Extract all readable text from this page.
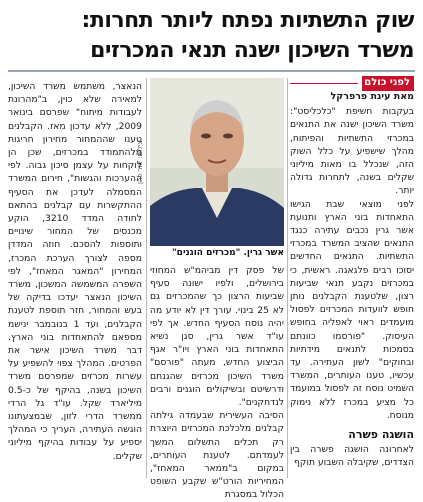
שוק התשתיות נפתח ליותר תחרות:
משרד השיכון ישנה תנאי המכרזים
לפני כולם

מאת עינת פרפרקל

בעקבות חשיפת "כלכליסט": משרד השיכון ישנה את התנאים במכרזי התשתיות והפיתוח, מהלך שישפיע על כלל השוק הזה, שנכלל בו מאות מיליוני שקלים בשנה, לתחרות גדולה יותר.

לפני מוצאי שבת הגישו התאחדות בוני הארץ ותנועת אשר גרין נכבים עתירה כנגד התנאים שהציב המשרד במכרזי התשתיות. התנאים החדשים יסוכו רבים פלגאגה. ראשית, כי במכרזים נקבע תנאי שביעות רצון, שלטענת הקבלנים נותן חופש לוועדות המכרזים לפסול מועמדים ראוי לאפליה בחופש העיסוק. "פורסמו כוונתם בסמכות לתנאים מידתיות ובחוקים" לשון העתירה. עד עכשיו, טענו העותרים, המשרד השמיט נוסח זה לפסול במועמד כל מציע במכרז ללא נימוק מנוסח.

הושגה פשרה

לאחרונה הושגה פשרה בין הצדדים, שקיבלה השבוע תוקף

צילום: אור כהן
אשר גרין. "מכרזים הוגנים"

של פסק דין מביהמ"ש המחוזי בירושלים, ולפיו ישונה סעיף שביעות הרצון כך שהמכרזים גם לא 25 בינוי. עורך דין לא יודע מה יהיה נוסח הסעיף החדש. אך לפי עו"ד אשר גרין, סגן נשיא התאחדות בוני הארץ ויו"ר אגף הביצוע החדש, מעתה "פורסם" משרד השיכון מכרזים שהגנתם ודרשיטם ובשיקולים הוגנים ורבים לנדחקנים".

הסיבה העשירית שבעמדה גילתה קבלנים מלכלכת המכרזים היוצרת רק תכלים התשלום המשך לעמדתם. לטענת העותרים, במקום ב"ממאר המאחז", המחיריות הורט"ש שקבע השופט הכלול במסגרת

הנאצר, משתמש משרד השיכון, למאירה שלא כוין, ב"מהרונת לעבודות מיתוח" שפרסם בינואר 2009, ללא עדכון מאז. הקבלנים טענו שההמחור מחירון חריגות מלהתמודד במכרזים, שכן הן לוקחות על עצמן סיכון גבוה. לפי ההערכות והגשות", חירום המשרד המסמלה לעדכן את הסעיף ההתקשרות עם קבלנים בהתאם לחודה המדד 3210, הוקע מכנסים של המחור שינויים ותוספות להסכם. חוזה המדדן מספה לצורך הערכת המכרז, המחירון "המאגר המאחז", לפי השפרה המשמשה המשכון, משרד השיכון הנאצר יעדכו בדיקה של בעש והמחור, חזר תוספת לטענת הקבלנים, ועד 1 בנובמבר ינישמ מספאם להתאחדות בוני הארץ. דבר משרד השיכון אישר את הפרטים. המהלך צפוי להשפיע על עשרות מכרזים שמפרסם משרד השיכון בשנה, בהיקף של כ-0.5 מיליארד שקל. עו"ד גל הרדי ממשרד הדרי לזון, שבמצעתונו הוגשה העתירה, העריך כי המהלך יספיע על עבודות בהיקף מיליוני שקלים.
